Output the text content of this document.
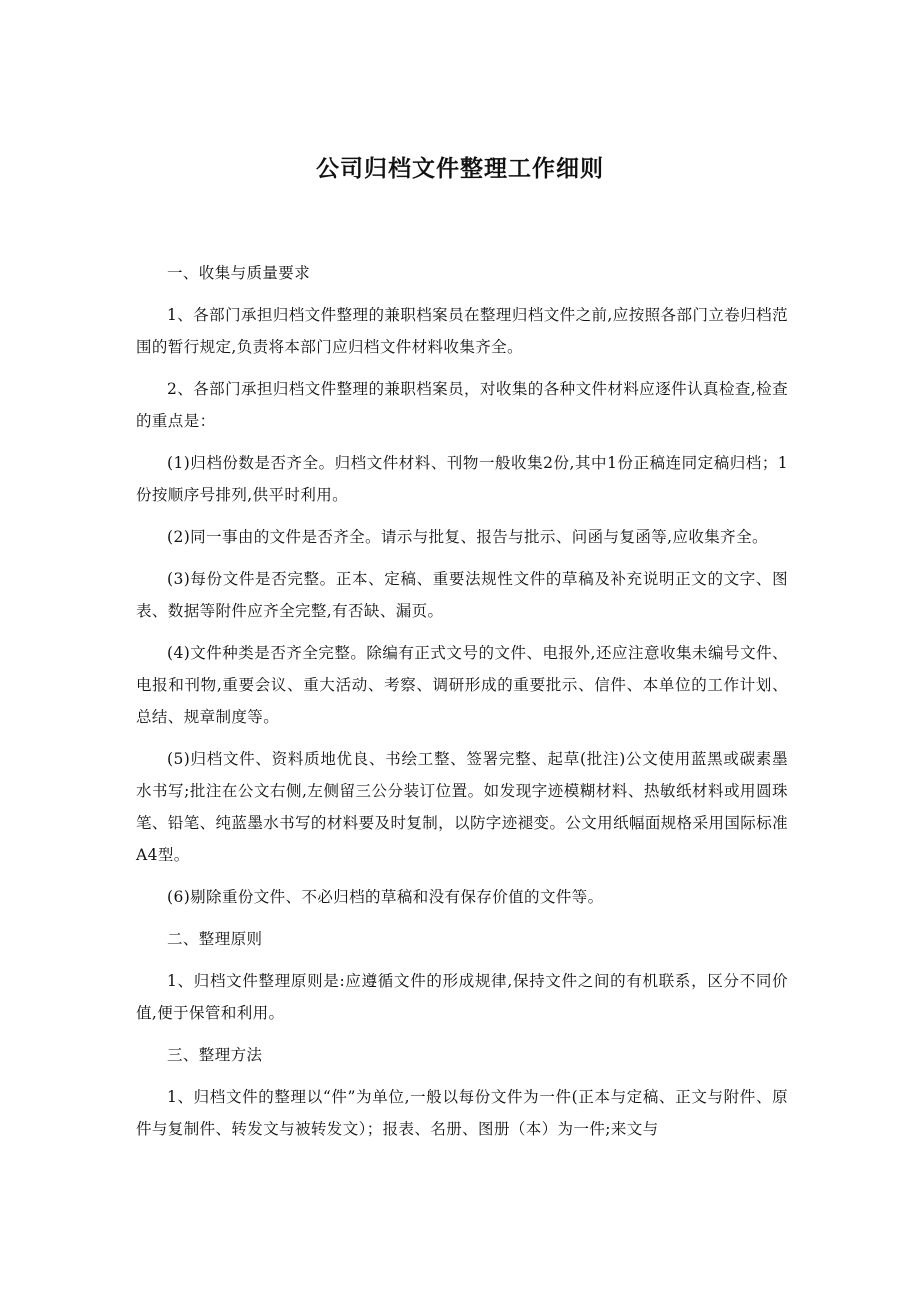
公司归档文件整理工作细则

一、收集与质量要求

1、各部门承担归档文件整理的兼职档案员在整理归档文件之前,应按照各部门立卷归档范围的暂行规定,负责将本部门应归档文件材料收集齐全。

2、各部门承担归档文件整理的兼职档案员，对收集的各种文件材料应逐件认真检查,检查的重点是：

(1)归档份数是否齐全。归档文件材料、刊物一般收集2份,其中1份正稿连同定稿归档；1份按顺序号排列,供平时利用。

(2)同一事由的文件是否齐全。请示与批复、报告与批示、问函与复函等,应收集齐全。

(3)每份文件是否完整。正本、定稿、重要法规性文件的草稿及补充说明正文的文字、图表、数据等附件应齐全完整,有否缺、漏页。

(4)文件种类是否齐全完整。除编有正式文号的文件、电报外,还应注意收集未编号文件、电报和刊物,重要会议、重大活动、考察、调研形成的重要批示、信件、本单位的工作计划、总结、规章制度等。

(5)归档文件、资料质地优良、书绘工整、签署完整、起草(批注)公文使用蓝黑或碳素墨水书写;批注在公文右侧,左侧留三公分装订位置。如发现字迹模糊材料、热敏纸材料或用圆珠笔、铅笔、纯蓝墨水书写的材料要及时复制，以防字迹褪变。公文用纸幅面规格采用国际标准A4型。

(6)剔除重份文件、不必归档的草稿和没有保存价值的文件等。

二、整理原则

1、归档文件整理原则是:应遵循文件的形成规律,保持文件之间的有机联系，区分不同价值,便于保管和利用。

三、整理方法

1、归档文件的整理以“件”为单位,一般以每份文件为一件(正本与定稿、正文与附件、原件与复制件、转发文与被转发文）；报表、名册、图册（本）为一件;来文与
